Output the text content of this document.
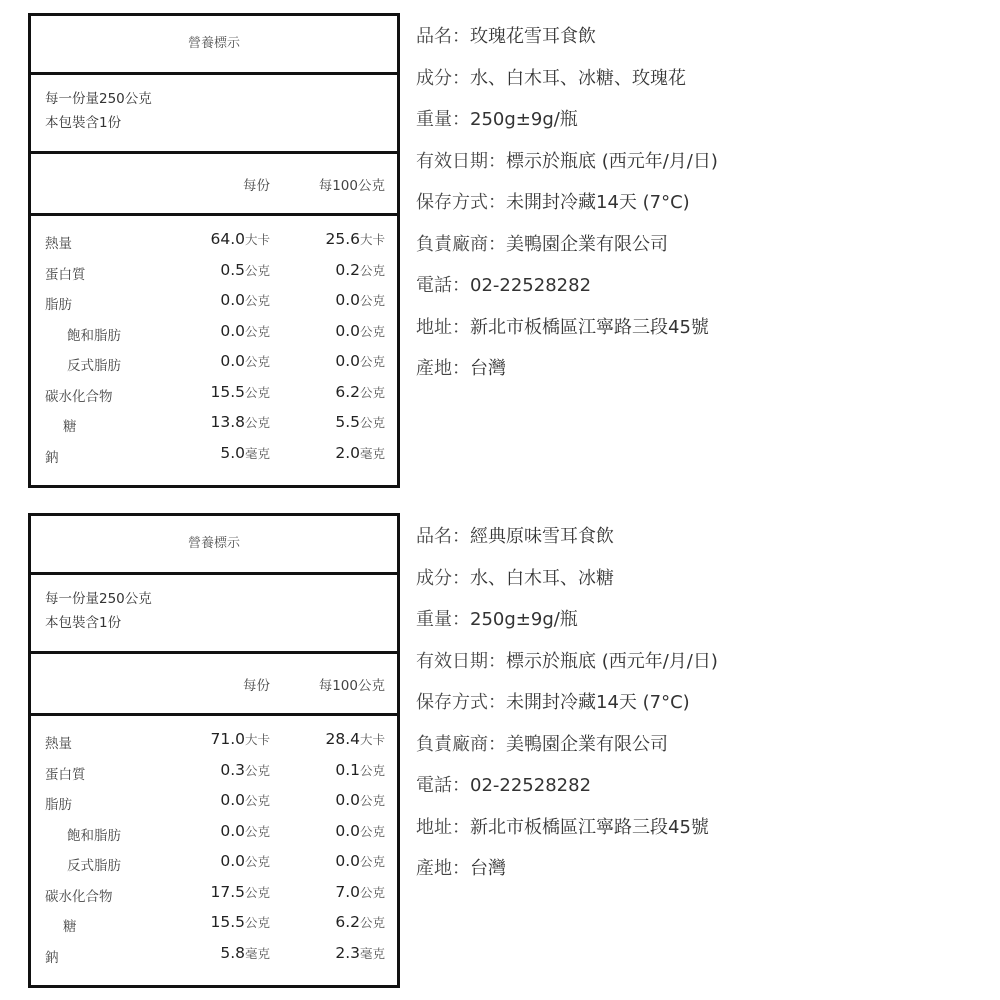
營養標示
每一份量250公克
本包裝含1份
每份	每100公克
熱量	64.0大卡	25.6大卡
蛋白質	0.5公克	0.2公克
脂肪	0.0公克	0.0公克
飽和脂肪	0.0公克	0.0公克
反式脂肪	0.0公克	0.0公克
碳水化合物	15.5公克	6.2公克
糖	13.8公克	5.5公克
鈉	5.0毫克	2.0毫克
品名：玫瑰花雪耳食飲
成分：水、白木耳、冰糖、玫瑰花
重量：250g±9g/瓶
有效日期：標示於瓶底 (西元年/月/日)
保存方式：未開封冷藏14天 (7°C)
負責廠商：美鴨園企業有限公司
電話：02-22528282
地址：新北市板橋區江寧路三段45號
產地：台灣
營養標示
每一份量250公克
本包裝含1份
每份	每100公克
熱量	71.0大卡	28.4大卡
蛋白質	0.3公克	0.1公克
脂肪	0.0公克	0.0公克
飽和脂肪	0.0公克	0.0公克
反式脂肪	0.0公克	0.0公克
碳水化合物	17.5公克	7.0公克
糖	15.5公克	6.2公克
鈉	5.8毫克	2.3毫克
品名：經典原味雪耳食飲
成分：水、白木耳、冰糖
重量：250g±9g/瓶
有效日期：標示於瓶底 (西元年/月/日)
保存方式：未開封冷藏14天 (7°C)
負責廠商：美鴨園企業有限公司
電話：02-22528282
地址：新北市板橋區江寧路三段45號
產地：台灣
